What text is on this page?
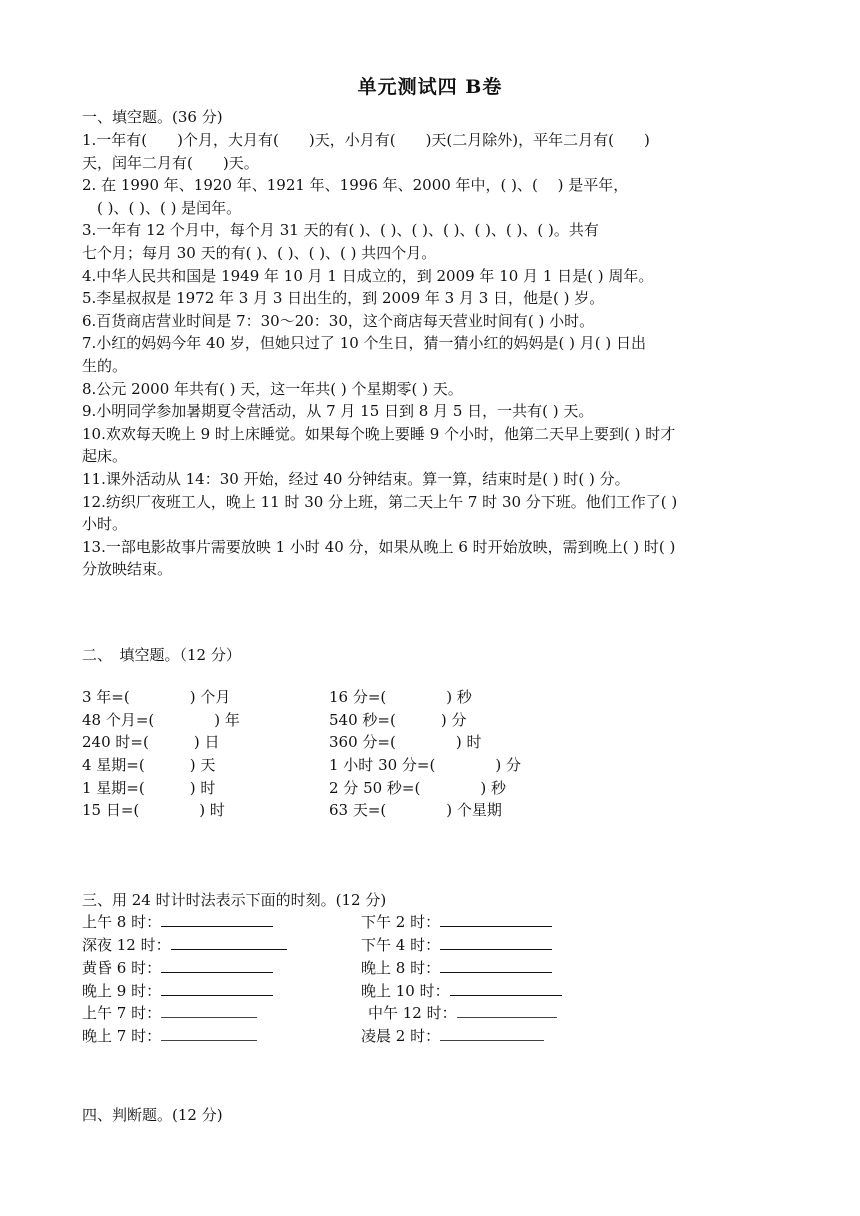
单元测试四 B卷
一、填空题。(36 分)
1.一年有(　　)个月，大月有(　　)天，小月有(　　)天(二月除外)，平年二月有(　　)
天，闰年二月有(　　)天。
2. 在 1990 年、1920 年、1921 年、1996 年、2000 年中，( )、(　 ) 是平年，
　( )、( )、( ) 是闰年。
3.一年有 12 个月中，每个月 31 天的有( )、( )、( )、( )、( )、( )、( )。共有
七个月；每月 30 天的有( )、( )、( )、( ) 共四个月。
4.中华人民共和国是 1949 年 10 月 1 日成立的，到 2009 年 10 月 1 日是( ) 周年。
5.李星叔叔是 1972 年 3 月 3 日出生的，到 2009 年 3 月 3 日，他是( ) 岁。
6.百货商店营业时间是 7：30～20：30，这个商店每天营业时间有( ) 小时。
7.小红的妈妈今年 40 岁，但她只过了 10 个生日，猜一猜小红的妈妈是( ) 月( ) 日出
生的。
8.公元 2000 年共有( ) 天，这一年共( ) 个星期零( ) 天。
9.小明同学参加暑期夏令营活动，从 7 月 15 日到 8 月 5 日，一共有( ) 天。
10.欢欢每天晚上 9 时上床睡觉。如果每个晚上要睡 9 个小时，他第二天早上要到( ) 时才
起床。
11.课外活动从 14：30 开始，经过 40 分钟结束。算一算，结束时是( ) 时( ) 分。
12.纺织厂夜班工人，晚上 11 时 30 分上班，第二天上午 7 时 30 分下班。他们工作了( )
小时。
13.一部电影故事片需要放映 1 小时 40 分，如果从晚上 6 时开始放映，需到晚上( ) 时( )
分放映结束。
二、　填空题。（12 分）
3 年=(　　　　) 个月
48 个月=(　　　　) 年
240 时=(　　　) 日
4 星期=(　　　) 天
1 星期=(　　　) 时
15 日=(　　　　) 时
16 分=(　　　　) 秒
540 秒=(　　　) 分
360 分=(　　　　) 时
1 小时 30 分=(　　　　) 分
2 分 50 秒=(　　　　) 秒
63 天=(　　　　) 个星期
三、用 24 时计时法表示下面的时刻。(12 分)
上午 8 时：
深夜 12 时：
黄昏 6 时：
晚上 9 时：
上午 7 时：
晚上 7 时：
下午 2 时：
下午 4 时：
晚上 8 时：
晚上 10 时：
中午 12 时：
凌晨 2 时：
四、判断题。(12 分)
